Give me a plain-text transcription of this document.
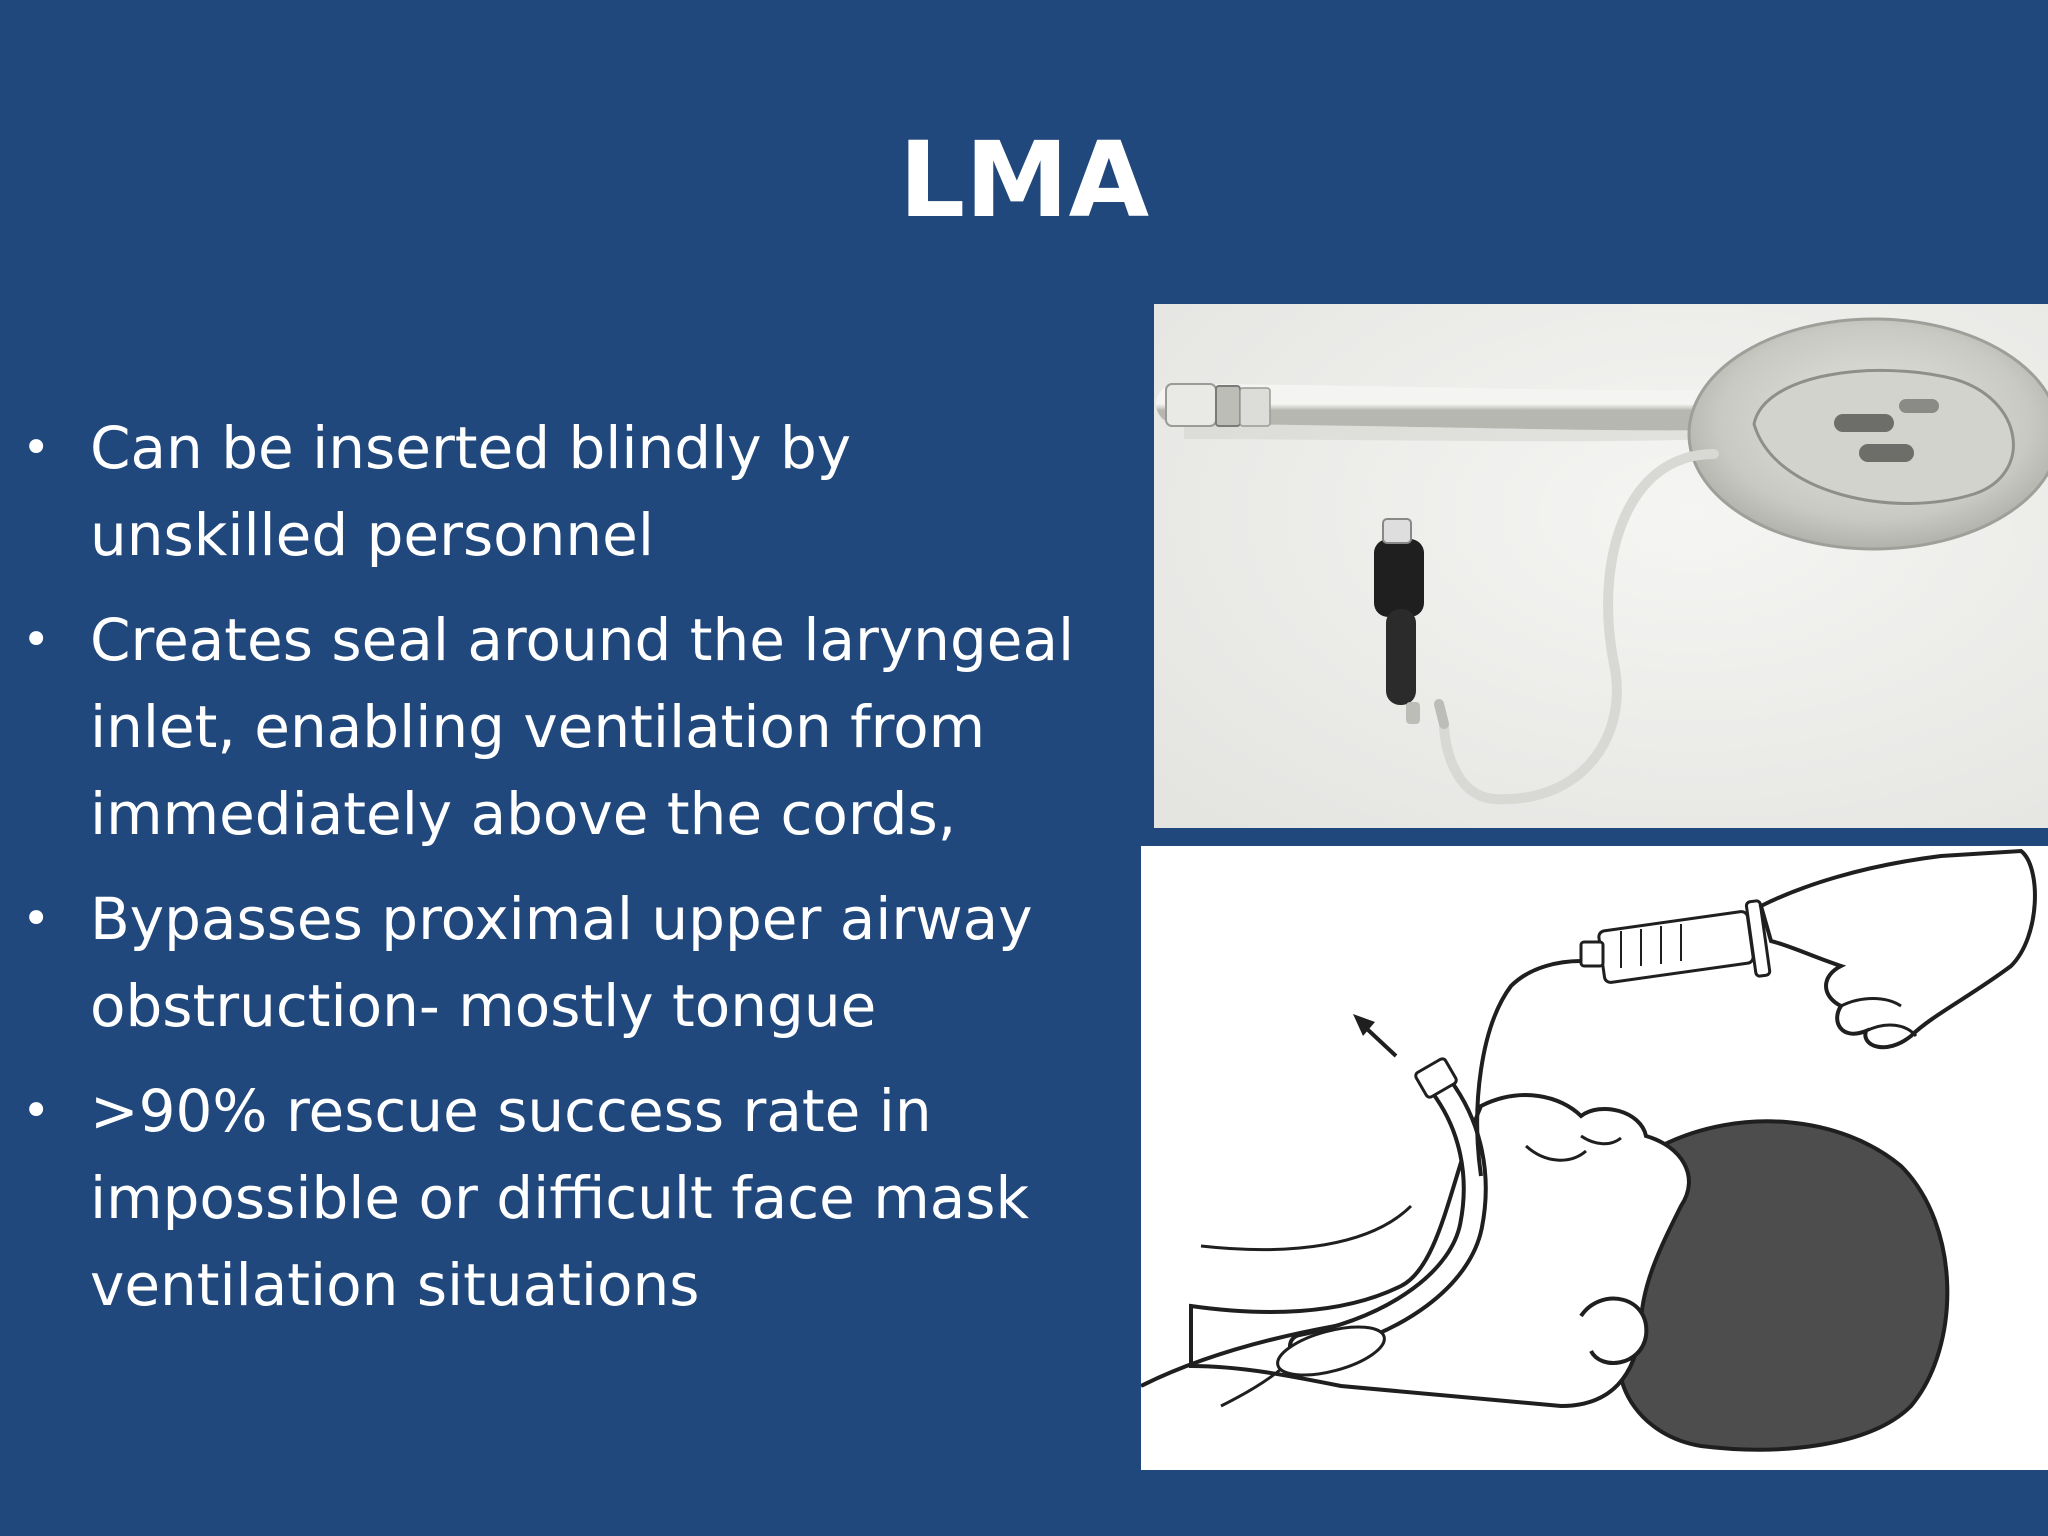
LMA
• Can be inserted blindly by
unskilled personnel
• Creates seal around the laryngeal
inlet, enabling ventilation from
immediately above the cords,
• Bypasses proximal upper airway
obstruction- mostly tongue
• >90% rescue success rate in
impossible or difficult face mask
ventilation situations
